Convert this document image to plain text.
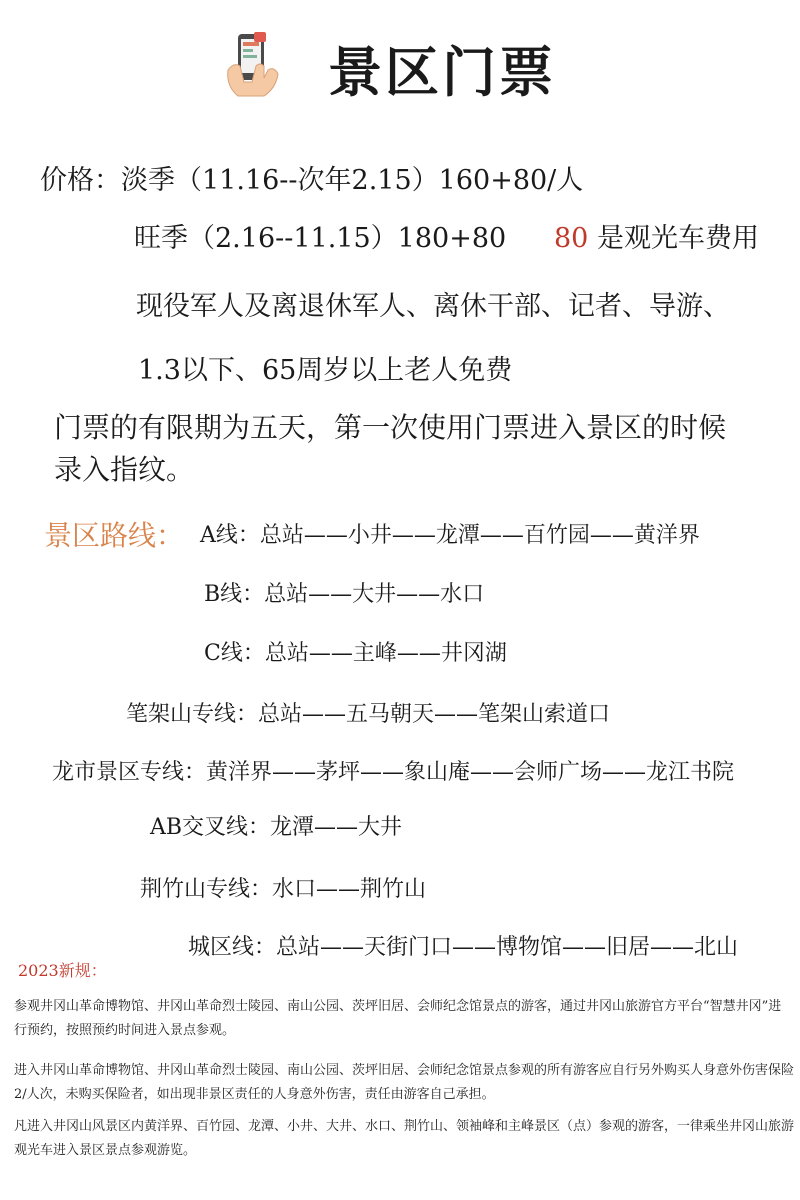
景区门票
价格：淡季（11.16--次年2.15）160+80/人
旺季（2.16--11.15）180+80 80 是观光车费用
现役军人及离退休军人、离休干部、记者、导游、
1.3以下、65周岁以上老人免费
门票的有限期为五天，第一次使用门票进入景区的时候
录入指纹。
景区路线： A线：总站——小井——龙潭——百竹园——黄洋界
B线：总站——大井——水口
C线：总站——主峰——井冈湖
笔架山专线：总站——五马朝天——笔架山索道口
龙市景区专线：黄洋界——茅坪——象山庵——会师广场——龙江书院
AB交叉线：龙潭——大井
荆竹山专线：水口——荆竹山
城区线：总站——天街门口——博物馆——旧居——北山
2023新规：
参观井冈山革命博物馆、井冈山革命烈士陵园、南山公园、茨坪旧居、会师纪念馆景点的游客，通过井冈山旅游官方平台“智慧井冈”进行预约，按照预约时间进入景点参观。
进入井冈山革命博物馆、井冈山革命烈士陵园、南山公园、茨坪旧居、会师纪念馆景点参观的所有游客应自行另外购买人身意外伤害保险2/人次，未购买保险者，如出现非景区责任的人身意外伤害，责任由游客自己承担。
凡进入井冈山风景区内黄洋界、百竹园、龙潭、小井、大井、水口、荆竹山、领袖峰和主峰景区（点）参观的游客，一律乘坐井冈山旅游观光车进入景区景点参观游览。
